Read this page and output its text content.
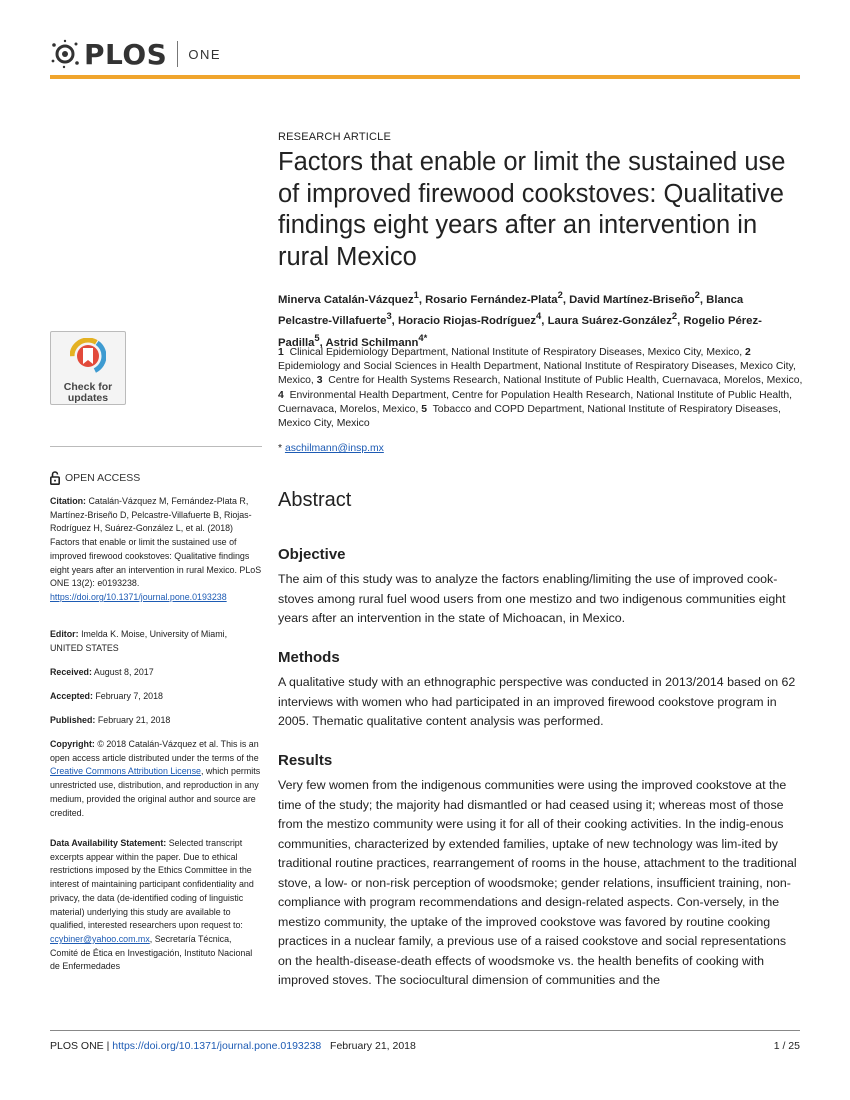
PLOS ONE
RESEARCH ARTICLE
Factors that enable or limit the sustained use of improved firewood cookstoves: Qualitative findings eight years after an intervention in rural Mexico
Minerva Catalán-Vázquez$^1$, Rosario Fernández-Plata$^2$, David Martínez-Briseño$^2$, Blanca Pelcastre-Villafuerte$^3$, Horacio Riojas-Rodríguez$^4$, Laura Suárez-González$^2$, Rogelio Pérez-Padilla$^5$, Astrid Schilmann$^{4*}$
1 Clinical Epidemiology Department, National Institute of Respiratory Diseases, Mexico City, Mexico, 2  Epidemiology and Social Sciences in Health Department, National Institute of Respiratory Diseases, Mexico City, Mexico, 3 Centre for Health Systems Research, National Institute of Public Health, Cuernavaca, Morelos, Mexico, 4 Environmental Health Department, Centre for Population Health Research, National Institute of Public Health, Cuernavaca, Morelos, Mexico, 5 Tobacco and COPD Department, National Institute of Respiratory Diseases, Mexico City, Mexico
* aschilmann@insp.mx
Abstract
Objective

The aim of this study was to analyze the factors enabling/limiting the use of improved cook-stoves among rural fuel wood users from one mestizo and two indigenous communities eight years after an intervention in the state of Michoacan, in Mexico.

Methods

A qualitative study with an ethnographic perspective was conducted in 2013/2014 based on 62 interviews with women who had participated in an improved firewood cookstove program in 2005. Thematic qualitative content analysis was performed.

Results

Very few women from the indigenous communities were using the improved cookstove at the time of the study; the majority had dismantled or had ceased using it; whereas most of those from the mestizo community were using it for all of their cooking activities. In the indig-enous communities, characterized by extended families, uptake of new technology was lim-ited by traditional routine practices, rearrangement of rooms in the house, attachment to the traditional stove, a low- or non-risk perception of woodsmoke; gender relations, insufficient training, non-compliance with program recommendations and design-related aspects. Con-versely, in the mestizo community, the uptake of the improved cookstove was favored by routine cooking practices in a nuclear family, a previous use of a raised cookstove and social representations on the health-disease-death effects of woodsmoke vs. the health benefits of cooking with improved stoves. The sociocultural dimension of communities and the

Check for
updates
OPEN ACCESS

Citation: Catalán-Vázquez M, Fernández-Plata R, Martínez-Briseño D, Pelcastre-Villafuerte B, Riojas-Rodríguez H, Suárez-González L, et al. (2018) Factors that enable or limit the sustained use of improved firewood cookstoves: Qualitative findings eight years after an intervention in rural Mexico. PLoS ONE 13(2): e0193238. https://doi.org/10.1371/journal.pone.0193238

Editor: Imelda K. Moise, University of Miami, UNITED STATES

Received: August 8, 2017

Accepted: February 7, 2018

Published: February 21, 2018

Copyright: © 2018 Catalán-Vázquez et al. This is an open access article distributed under the terms of the Creative Commons Attribution License, which permits unrestricted use, distribution, and reproduction in any medium, provided the original author and source are credited.

Data Availability Statement: Selected transcript excerpts appear within the paper. Due to ethical restrictions imposed by the Ethics Committee in the interest of maintaining participant confidentiality and privacy, the data (de-identified coding of linguistic material) underlying this study are available to qualified, interested researchers upon request to: ccybiner@yahoo.com.mx, Secretaría Técnica, Comité de Ética en Investigación, Instituto Nacional de Enfermedades

PLOS ONE | https://doi.org/10.1371/journal.pone.0193238 February 21, 2018	1 / 25
